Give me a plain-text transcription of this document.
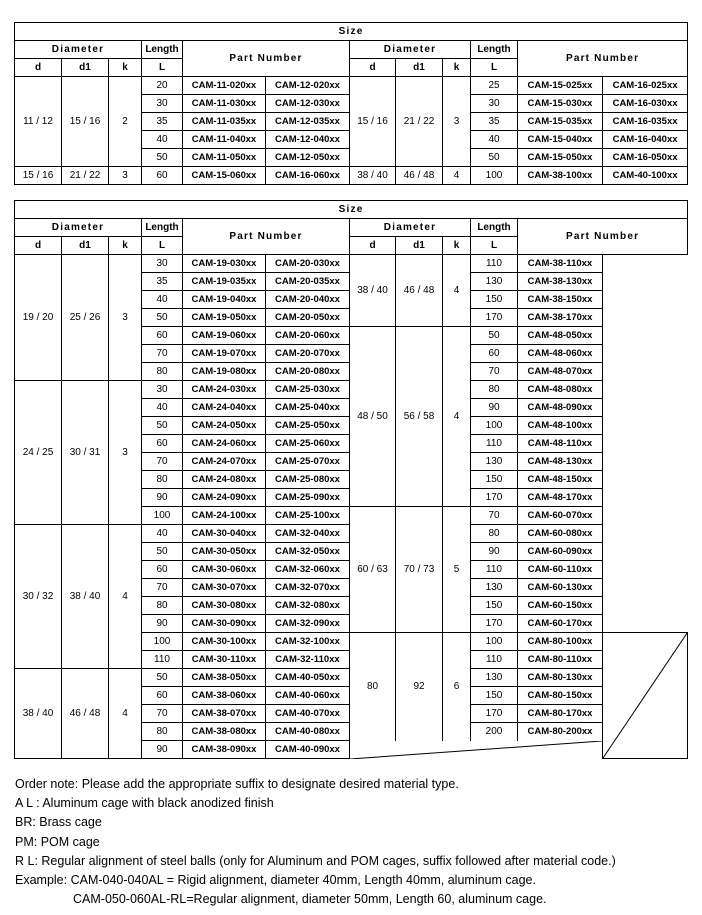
Size											
Diameter			Length	Part Number		Diameter			Length	Part Number	
d	d1	k	L			d	d1	k	L		
11 / 12	15 / 16	2	20	CAM-11-020xx	CAM-12-020xx	15 / 16	21 / 22	3	25	CAM-15-025xx	CAM-16-025xx
			30	CAM-11-030xx	CAM-12-030xx				30	CAM-15-030xx	CAM-16-030xx
			35	CAM-11-035xx	CAM-12-035xx				35	CAM-15-035xx	CAM-16-035xx
			40	CAM-11-040xx	CAM-12-040xx				40	CAM-15-040xx	CAM-16-040xx
			50	CAM-11-050xx	CAM-12-050xx				50	CAM-15-050xx	CAM-16-050xx
15 / 16	21 / 22	3	60	CAM-15-060xx	CAM-16-060xx	38 / 40	46 / 48	4	100	CAM-38-100xx	CAM-40-100xx
Size											
Diameter			Length	Part Number		Diameter			Length	Part Number	
d	d1	k	L			d	d1	k	L		
19 / 20	25 / 26	3	30	CAM-19-030xx	CAM-20-030xx	38 / 40	46 / 48	4	110	CAM-38-110xx	
			35	CAM-19-035xx	CAM-20-035xx				130	CAM-38-130xx	
			40	CAM-19-040xx	CAM-20-040xx				150	CAM-38-150xx	
			50	CAM-19-050xx	CAM-20-050xx				170	CAM-38-170xx	
			60	CAM-19-060xx	CAM-20-060xx	48 / 50	56 / 58	4	50	CAM-48-050xx	
			70	CAM-19-070xx	CAM-20-070xx				60	CAM-48-060xx	
			80	CAM-19-080xx	CAM-20-080xx				70	CAM-48-070xx	
24 / 25	30 / 31	3	30	CAM-24-030xx	CAM-25-030xx				80	CAM-48-080xx	
			40	CAM-24-040xx	CAM-25-040xx				90	CAM-48-090xx	
			50	CAM-24-050xx	CAM-25-050xx				100	CAM-48-100xx	
			60	CAM-24-060xx	CAM-25-060xx				110	CAM-48-110xx	
			70	CAM-24-070xx	CAM-25-070xx				130	CAM-48-130xx	
			80	CAM-24-080xx	CAM-25-080xx				150	CAM-48-150xx	
			90	CAM-24-090xx	CAM-25-090xx				170	CAM-48-170xx	
			100	CAM-24-100xx	CAM-25-100xx	60 / 63	70 / 73	5	70	CAM-60-070xx	
30 / 32	38 / 40	4	40	CAM-30-040xx	CAM-32-040xx				80	CAM-60-080xx	
			50	CAM-30-050xx	CAM-32-050xx				90	CAM-60-090xx	
			60	CAM-30-060xx	CAM-32-060xx				110	CAM-60-110xx	
			70	CAM-30-070xx	CAM-32-070xx				130	CAM-60-130xx	
			80	CAM-30-080xx	CAM-32-080xx				150	CAM-60-150xx	
			90	CAM-30-090xx	CAM-32-090xx				170	CAM-60-170xx	
			100	CAM-30-100xx	CAM-32-100xx	80	92	6	100	CAM-80-100xx	

			110	CAM-30-110xx	CAM-32-110xx				110	CAM-80-110xx	
38 / 40	46 / 48	4	50	CAM-38-050xx	CAM-40-050xx				130	CAM-80-130xx	
			60	CAM-38-060xx	CAM-40-060xx				150	CAM-80-150xx	
			70	CAM-38-070xx	CAM-40-070xx				170	CAM-80-170xx	
			80	CAM-38-080xx	CAM-40-080xx				200	CAM-80-200xx	
			90	CAM-38-090xx	CAM-40-090xx	
Order note: Please add the appropriate suffix to designate desired material type.
A L : Aluminum cage with black anodized finish
BR: Brass cage
PM: POM cage
R L: Regular alignment of steel balls (only for Aluminum and POM cages, suffix followed after material code.)
Example: CAM-040-040AL = Rigid alignment, diameter 40mm, Length 40mm, aluminum cage.
CAM-050-060AL-RL=Regular alignment, diameter 50mm, Length 60, aluminum cage.
